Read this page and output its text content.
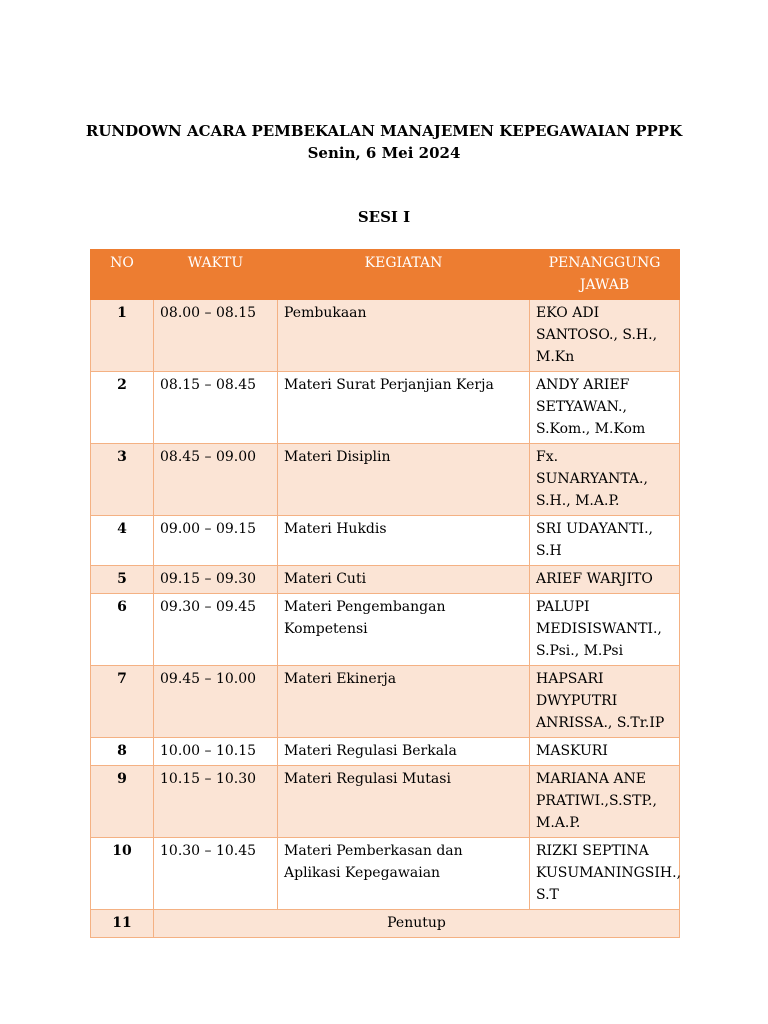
RUNDOWN ACARA PEMBEKALAN MANAJEMEN KEPEGAWAIAN PPPK
Senin, 6 Mei 2024
SESI I
NO	WAKTU	KEGIATAN	PENANGGUNG JAWAB
1	08.00 – 08.15	Pembukaan	EKO ADI SANTOSO., S.H., M.Kn
2	08.15 – 08.45	Materi Surat Perjanjian Kerja	ANDY ARIEF SETYAWAN., S.Kom., M.Kom
3	08.45 – 09.00	Materi Disiplin	Fx. SUNARYANTA., S.H., M.A.P.
4	09.00 – 09.15	Materi Hukdis	SRI UDAYANTI., S.H
5	09.15 – 09.30	Materi Cuti	ARIEF WARJITO
6	09.30 – 09.45	Materi Pengembangan Kompetensi	PALUPI MEDISISWANTI., S.Psi., M.Psi
7	09.45 – 10.00	Materi Ekinerja	HAPSARI DWYPUTRI ANRISSA., S.Tr.IP
8	10.00 – 10.15	Materi Regulasi Berkala	MASKURI
9	10.15 – 10.30	Materi Regulasi Mutasi	MARIANA ANE PRATIWI.,S.STP., M.A.P.
10	10.30 – 10.45	Materi Pemberkasan dan Aplikasi Kepegawaian	RIZKI SEPTINA KUSUMANINGSIH., S.T
11	Penutup		
